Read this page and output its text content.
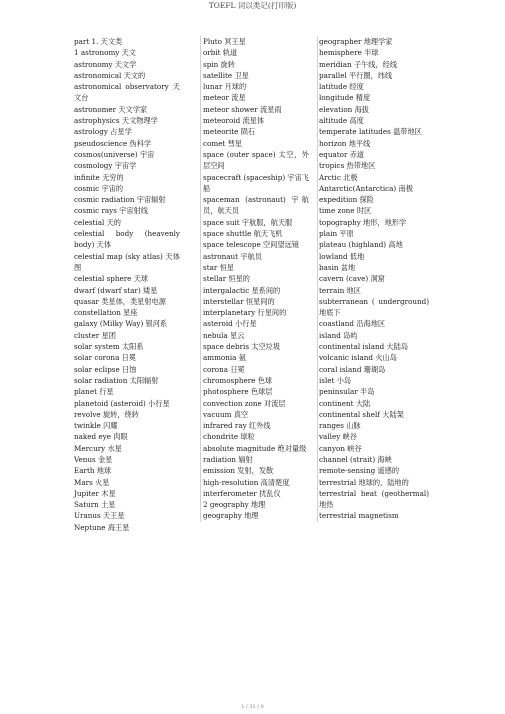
TOEFL 词以类记(打印版)

part 1. 天文类

1 astronomy 天文

astronomy 天文学

astronomical 天文的

astronomical observatory 天文台

astronomer 天文学家

astrophysics 天文物理学

astrology 占星学

pseudoscience 伪科学

cosmos(universe) 宇宙

cosmology 宇宙学

infinite 无穷的

cosmic 宇宙的

cosmic radiation 宇宙辐射

cosmic rays 宇宙射线

celestial 天的

celestial body (heavenly body) 天体

celestial map (sky atlas) 天体图

celestial sphere 天球

dwarf (dwarf star) 矮星

quasar 类星体，类星射电源

constellation 星座

galaxy (Milky Way) 银河系

cluster 星团

solar system 太阳系

solar corona 日冕

solar eclipse 日蚀

solar radiation 太阳辐射

planet 行星

planetoid (asteroid) 小行星

revolve 旋转，绕转

twinkle 闪耀

naked eye 肉眼

Mercury 水星

Venus 金星

Earth 地球

Mars 火星

Jupiter 木星

Saturn 土星

Uranus 天王星

Neptune 海王星

Pluto 冥王星

orbit 轨道

spin 旋转

satellite 卫星

lunar 月球的

meteor 流星

meteor shower 流星雨

meteoroid 流星体

meteorite 陨石

comet 彗星

space (outer space) 太空，外层空间

spacecraft (spaceship) 宇宙飞船

spaceman (astronaut) 宇航员，航天员

space suit 宇航服，航天服

space shuttle 航天飞机

space telescope 空间望远镜

astronaut 宇航员

star 恒星

stellar 恒星的

intergalactic 星系间的

interstellar 恒星间的

interplanetary 行星间的

asteroid 小行星

nebula 星云

space debris 太空垃圾

ammonia 氨

corona 日冕

chromosphere 色球

photosphere 色球层

convection zone 对流层

vacuum 真空

infrared ray 红外线

chondrite 球粒

absolute magnitude 绝对量级

radiation 辐射

emission 发射，发散

high-resolution 高清楚度

interferometer 扰乱仪

2 geography 地理

geography 地理

geographer 地理学家

hemisphere 半球

meridian 子午线，经线

parallel 平行圈，纬线

latitude 经度

longitude 精度

elevation 海拔

altitude 高度

temperate latitudes 温带地区

horizon 地平线

equator 赤道

tropics 热带地区

Arctic 北极

Antarctic(Antarctica) 南极

expedition 探险

time zone 时区

topography 地形，地形学

plain 平原

plateau (highland) 高地

lowland 低地

basin 盆地

cavern (cave) 洞窟

terrain 地区

subterranean ( underground) 地底下

coastland 沿海地区

island 岛屿

continental island 大陆岛

volcanic island 火山岛

coral island 珊瑚岛

islet 小岛

peninsular 半岛

continent 大陆

continental shelf 大陆架

ranges 山脉

valley 峡谷

canyon 峡谷

channel (strait) 海峡

remote-sensing 遥感的

terrestrial 地球的，陆地的

terrestrial heat (geothermal) 地热

terrestrial magnetism

1 / 31 / 0
